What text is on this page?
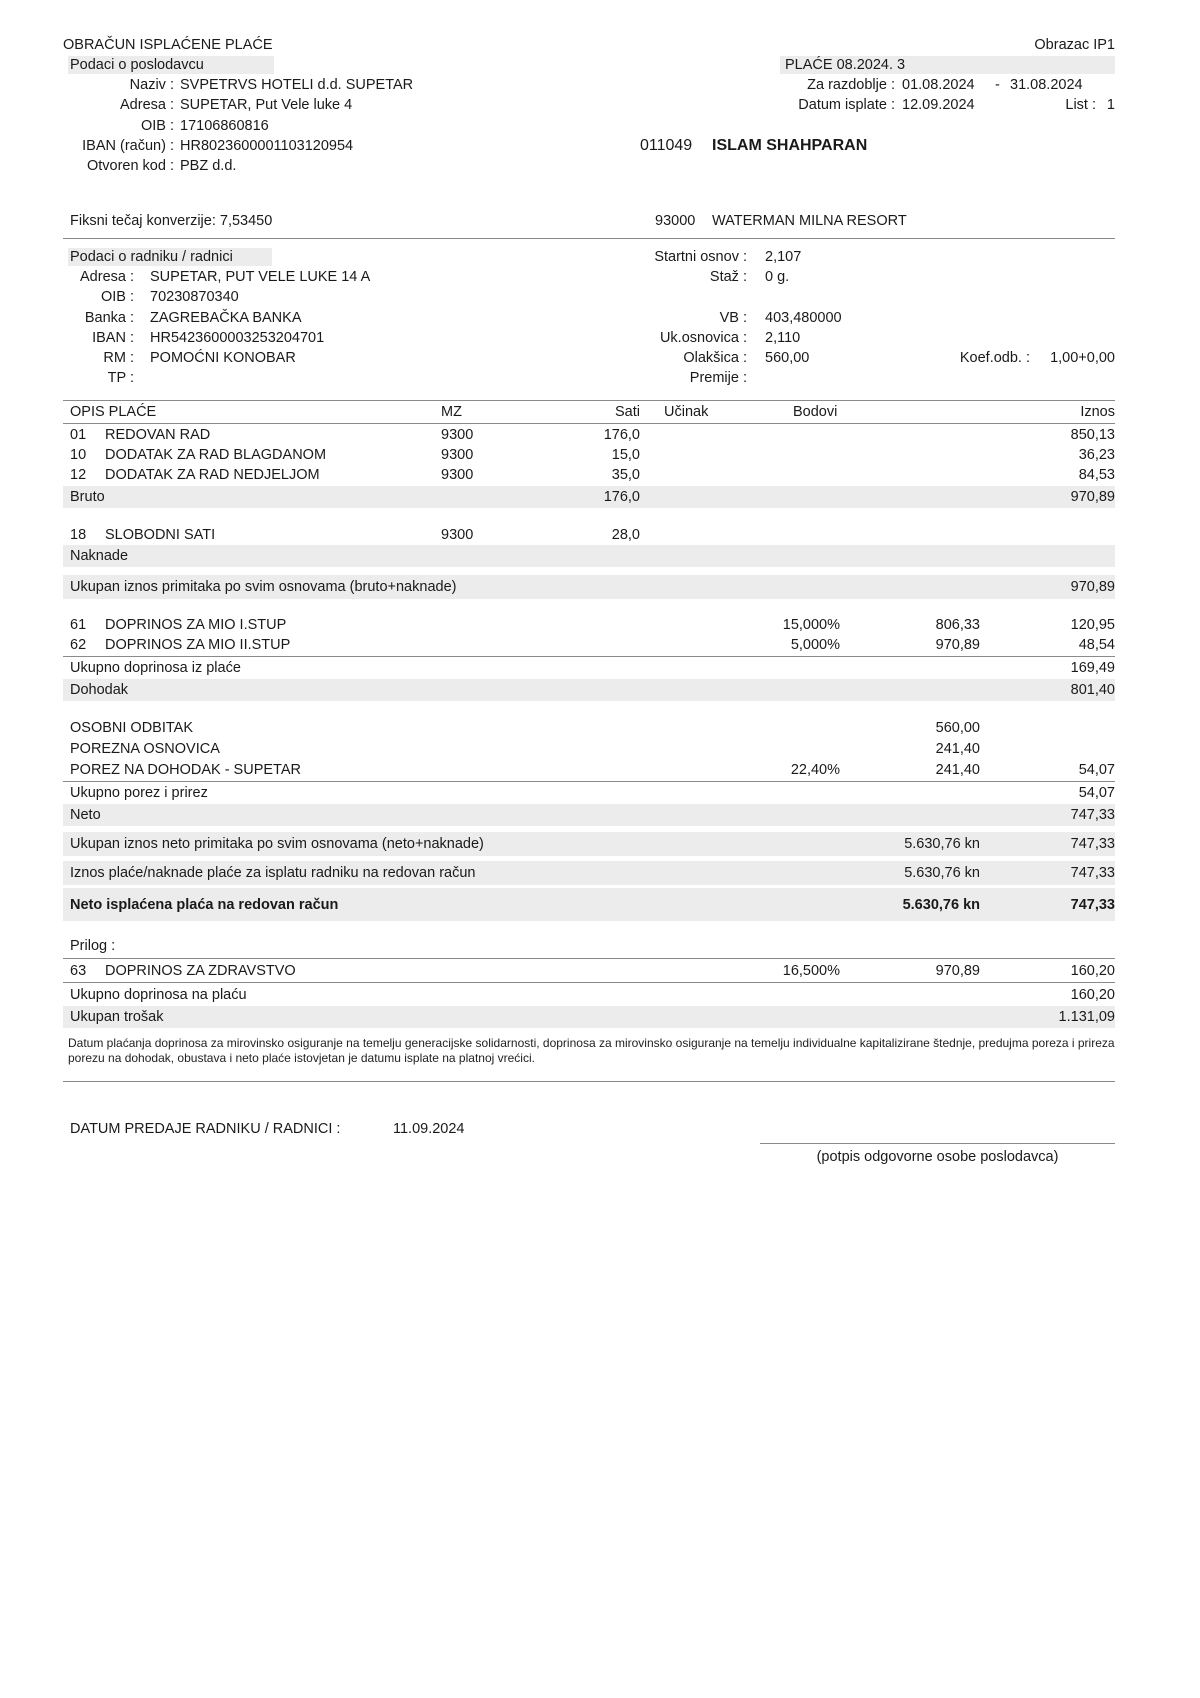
OBRAČUN ISPLAĆENE PLAĆE	Obrazac IP1
Podaci o poslodavcu	PLAĆE 08.2024. 3
Naziv : SVPETRVS HOTELI d.d. SUPETAR
Adresa : SUPETAR, Put Vele luke 4
OIB : 17106860816
IBAN (račun) : HR8023600001103120954
Otvoren kod : PBZ d.d.
Za razdoblje : 01.08.2024 - 31.08.2024
Datum isplate : 12.09.2024	List : 1
011049 ISLAM SHAHPARAN
Fiksni tečaj konverzije: 7,53450	93000 WATERMAN MILNA RESORT
Podaci o radniku / radnici
Adresa : SUPETAR, PUT VELE LUKE 14 A
OIB : 70230870340
Banka : ZAGREBAČKA BANKA
IBAN : HR5423600003253204701
RM : POMOĆNI KONOBAR
TP :
Startni osnov : 2,107
Staž : 0 g.
VB : 403,480000
Uk.osnovica : 2,110
Olakšica : 560,00	Koef.odb. :	1,00+0,00
Premije :
OPIS PLAĆE	MZ	Sati Učinak	Bodovi	Iznos
01 REDOVAN RAD	9300	176,0	850,13
10 DODATAK ZA RAD BLAGDANOM	9300	15,0	36,23
12 DODATAK ZA RAD NEDJELJOM	9300	35,0	84,53
Bruto	176,0	970,89
18 SLOBODNI SATI	9300	28,0
Naknade
Ukupan iznos primitaka po svim osnovama (bruto+naknade)	970,89
61 DOPRINOS ZA MIO I.STUP	15,000%	806,33	120,95
62 DOPRINOS ZA MIO II.STUP	5,000%	970,89	48,54
Ukupno doprinosa iz plaće	169,49
Dohodak	801,40
OSOBNI ODBITAK	560,00
POREZNA OSNOVICA	241,40
POREZ NA DOHODAK - SUPETAR	22,40%	241,40	54,07
Ukupno porez i prirez	54,07
Neto	747,33
Ukupan iznos neto primitaka po svim osnovama (neto+naknade)	5.630,76 kn	747,33
Iznos plaće/naknade plaće za isplatu radniku na redovan račun	5.630,76 kn	747,33
Neto isplaćena plaća na redovan račun	5.630,76 kn	747,33
Prilog :
63 DOPRINOS ZA ZDRAVSTVO	16,500%	970,89	160,20
Ukupno doprinosa na plaću	160,20
Ukupan trošak	1.131,09
Datum plaćanja doprinosa za mirovinsko osiguranje na temelju generacijske solidarnosti, doprinosa za mirovinsko osiguranje na temelju individualne kapitalizirane štednje, predujma poreza i prireza porezu na dohodak, obustava i neto plaće istovjetan je datumu isplate na platnoj vrećici.
DATUM PREDAJE RADNIKU / RADNICI :	11.09.2024
(potpis odgovorne osobe poslodavca)
